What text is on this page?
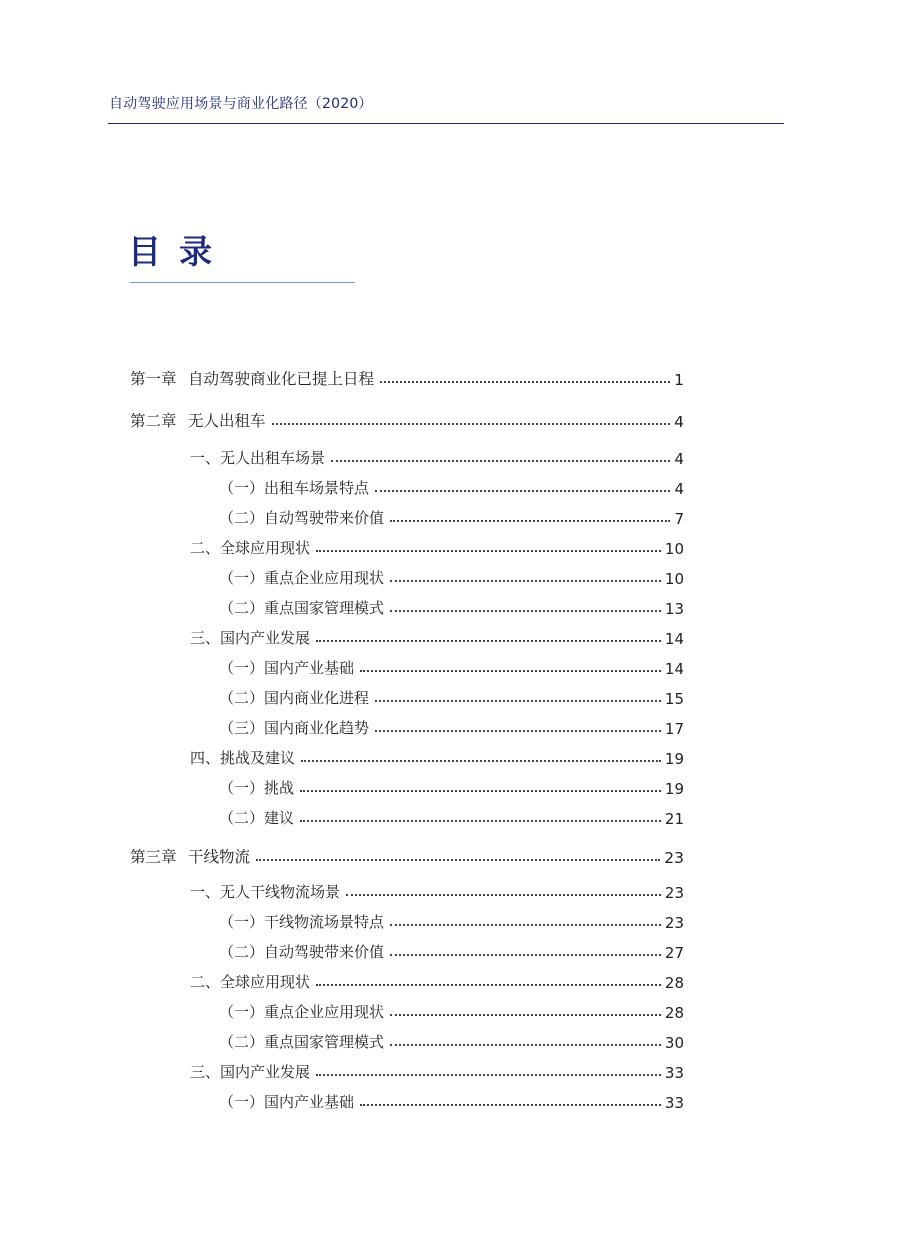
自动驾驶应用场景与商业化路径（2020）
目录
第一章 自动驾驶商业化已提上日程	1
第二章 无人出租车	4
一、无人出租车场景	4
（一）出租车场景特点	4
（二）自动驾驶带来价值	7
二、全球应用现状	10
（一）重点企业应用现状	10
（二）重点国家管理模式	13
三、国内产业发展	14
（一）国内产业基础	14
（二）国内商业化进程	15
（三）国内商业化趋势	17
四、挑战及建议	19
（一）挑战	19
（二）建议	21
第三章 干线物流	23
一、无人干线物流场景	23
（一）干线物流场景特点	23
（二）自动驾驶带来价值	27
二、全球应用现状	28
（一）重点企业应用现状	28
（二）重点国家管理模式	30
三、国内产业发展	33
（一）国内产业基础	33
